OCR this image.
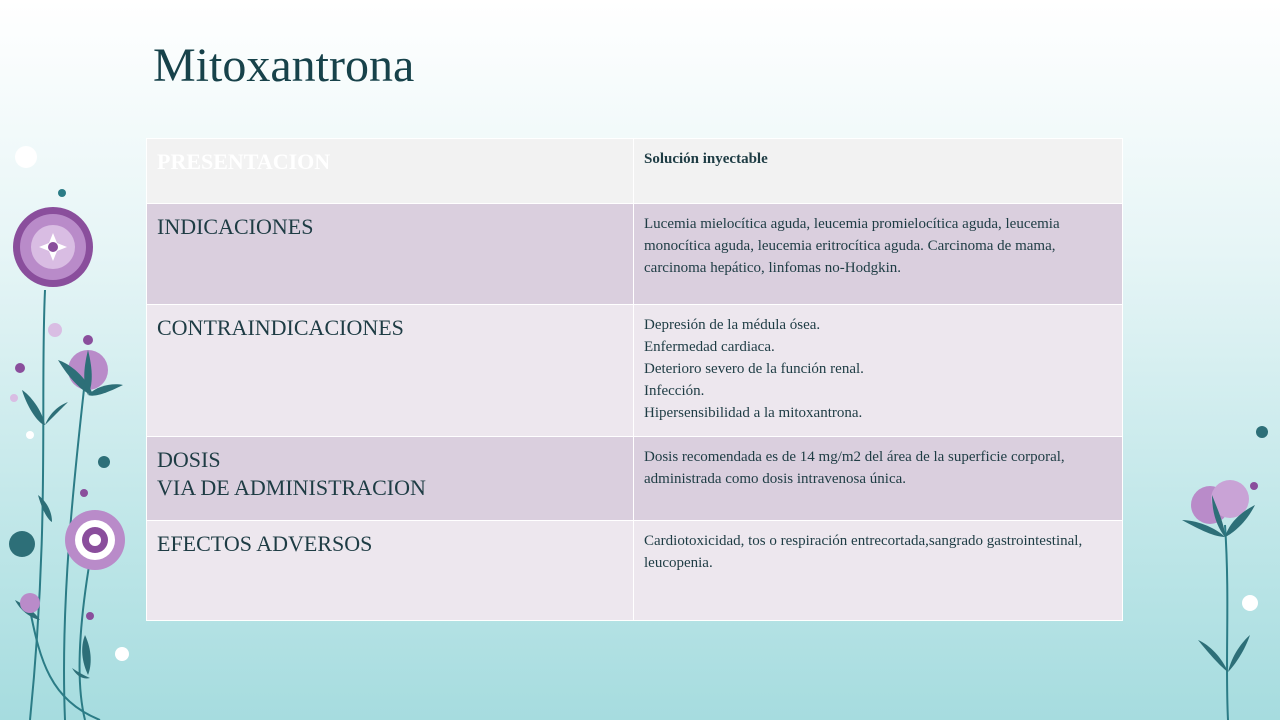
Mitoxantrona
PRESENTACION	Solución inyectable

INDICACIONES	Lucemia mielocítica aguda, leucemia promielocítica aguda, leucemia monocítica aguda, leucemia eritrocítica aguda. Carcinoma de mama, carcinoma hepático, linfomas no-Hodgkin.

CONTRAINDICACIONES	Depresión de la médula ósea.
Enfermedad cardiaca.
Deterioro severo de la función renal.
Infección.
Hipersensibilidad a la mitoxantrona.

DOSIS
VIA DE ADMINISTRACION	Dosis recomendada es de 14 mg/m2 del área de la superficie corporal, administrada como dosis intravenosa única.

EFECTOS ADVERSOS	Cardiotoxicidad, tos o respiración entrecortada,sangrado gastrointestinal, leucopenia.
